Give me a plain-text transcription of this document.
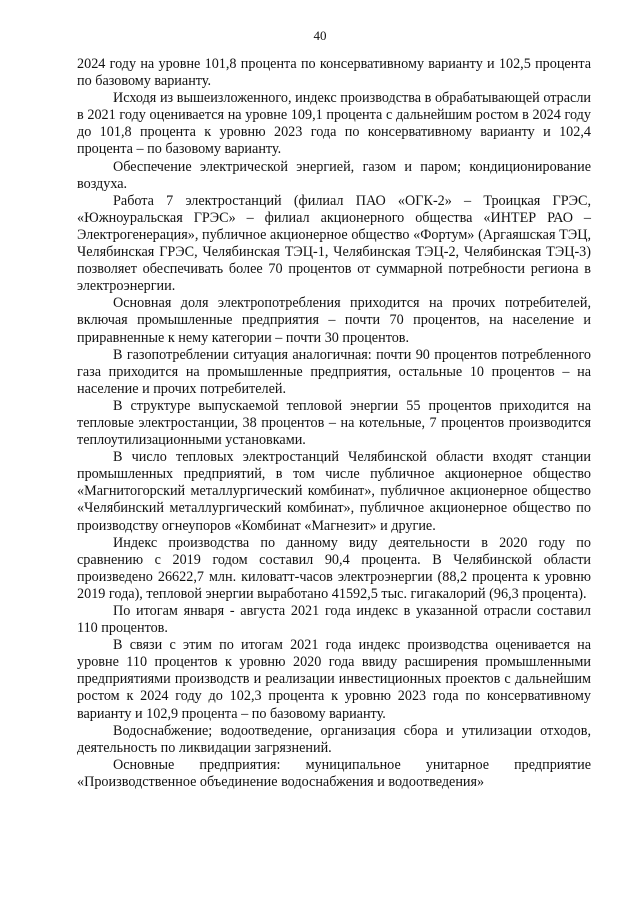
40

2024 году на уровне 101,8 процента по консервативному варианту и 102,5 процента по базовому варианту.

Исходя из вышеизложенного, индекс производства в обрабатывающей отрасли в 2021 году оценивается на уровне 109,1 процента с дальнейшим ростом в 2024 году до 101,8 процента к уровню 2023 года по консервативному варианту и 102,4 процента – по базовому варианту.

Обеспечение электрической энергией, газом и паром; кондиционирование воздуха.

Работа 7 электростанций (филиал ПАО «ОГК-2» – Троицкая ГРЭС, «Южноуральская ГРЭС» – филиал акционерного общества «ИНТЕР РАО – Электрогенерация», публичное акционерное общество «Фортум» (Аргаяшская ТЭЦ, Челябинская ГРЭС, Челябинская ТЭЦ-1, Челябинская ТЭЦ-2, Челябинская ТЭЦ-3) позволяет обеспечивать более 70 процентов от суммарной потребности региона в электроэнергии.

Основная доля электропотребления приходится на прочих потребителей, включая промышленные предприятия – почти 70 процентов, на население и приравненные к нему категории – почти 30 процентов.

В газопотреблении ситуация аналогичная: почти 90 процентов потребленного газа приходится на промышленные предприятия, остальные 10 процентов – на население и прочих потребителей.

В структуре выпускаемой тепловой энергии 55 процентов приходится на тепловые электростанции, 38 процентов – на котельные, 7 процентов производится теплоутилизационными установками.

В число тепловых электростанций Челябинской области входят станции промышленных предприятий, в том числе публичное акционерное общество «Магнитогорский металлургический комбинат», публичное акционерное общество «Челябинский металлургический комбинат», публичное акционерное общество по производству огнеупоров «Комбинат «Магнезит» и другие.

Индекс производства по данному виду деятельности в 2020 году по сравнению с 2019 годом составил 90,4 процента. В Челябинской области произведено 26622,7 млн. киловатт-часов электроэнергии (88,2 процента к уровню 2019 года), тепловой энергии выработано 41592,5 тыс. гигакалорий (96,3 процента).

По итогам января - августа 2021 года индекс в указанной отрасли составил 110 процентов.

В связи с этим по итогам 2021 года индекс производства оценивается на уровне 110 процентов к уровню 2020 года ввиду расширения промышленными предприятиями производств и реализации инвестиционных проектов с дальнейшим ростом к 2024 году до 102,3 процента к уровню 2023 года по консервативному варианту и 102,9 процента – по базовому варианту.

Водоснабжение; водоотведение, организация сбора и утилизации отходов, деятельность по ликвидации загрязнений.

Основные предприятия: муниципальное унитарное предприятие «Производственное объединение водоснабжения и водоотведения»
